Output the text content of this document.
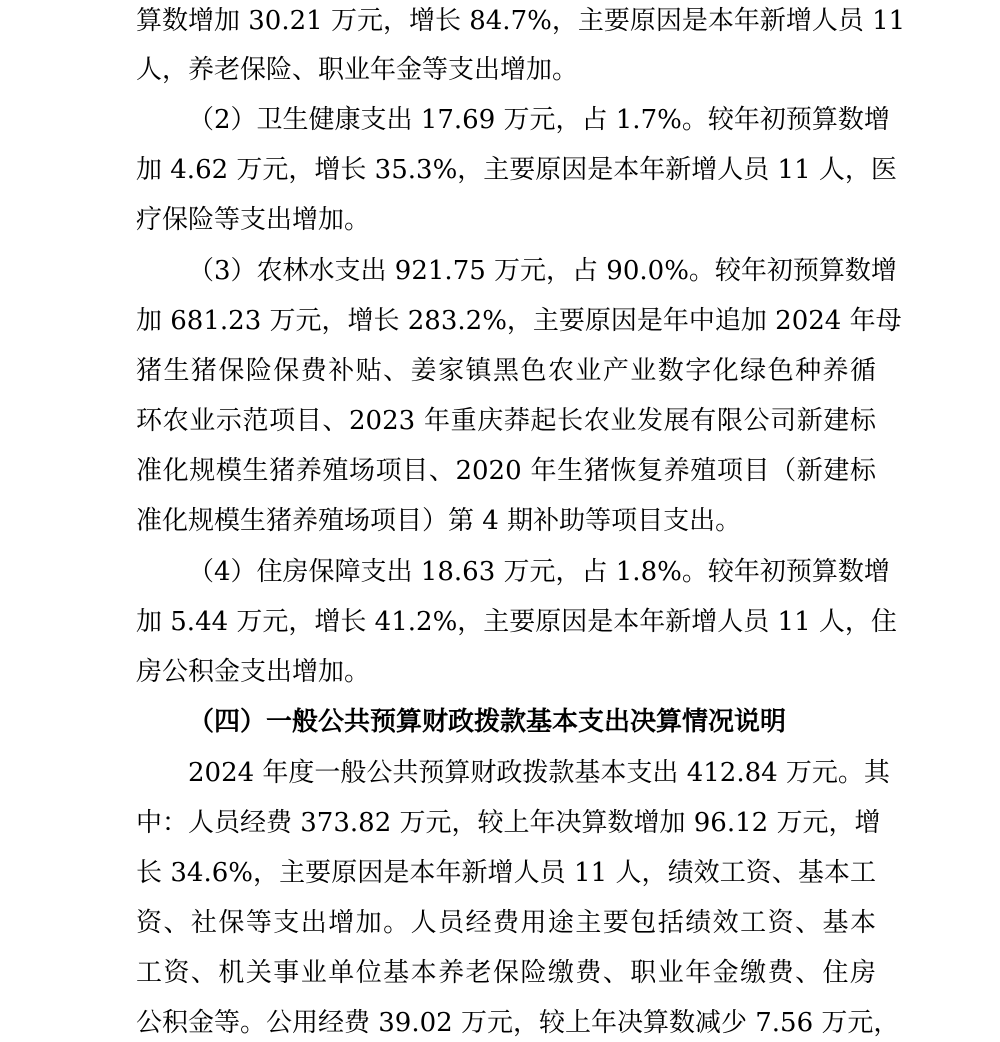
算数增加 30.21 万元，增长 84.7%，主要原因是本年新增人员 11
人，养老保险、职业年金等支出增加。
（2）卫生健康支出 17.69 万元，占 1.7%。较年初预算数增
加 4.62 万元，增长 35.3%，主要原因是本年新增人员 11 人，医
疗保险等支出增加。
（3）农林水支出 921.75 万元，占 90.0%。较年初预算数增
加 681.23 万元，增长 283.2%，主要原因是年中追加 2024 年母
猪生猪保险保费补贴、姜家镇黑色农业产业数字化绿色种养循
环农业示范项目、2023 年重庆莽起长农业发展有限公司新建标
准化规模生猪养殖场项目、2020 年生猪恢复养殖项目（新建标
准化规模生猪养殖场项目）第 4 期补助等项目支出。
（4）住房保障支出 18.63 万元，占 1.8%。较年初预算数增
加 5.44 万元，增长 41.2%，主要原因是本年新增人员 11 人，住
房公积金支出增加。
（四）一般公共预算财政拨款基本支出决算情况说明
2024 年度一般公共预算财政拨款基本支出 412.84 万元。其
中：人员经费 373.82 万元，较上年决算数增加 96.12 万元，增
长 34.6%，主要原因是本年新增人员 11 人，绩效工资、基本工
资、社保等支出增加。人员经费用途主要包括绩效工资、基本
工资、机关事业单位基本养老保险缴费、职业年金缴费、住房
公积金等。公用经费 39.02 万元，较上年决算数减少 7.56 万元，
